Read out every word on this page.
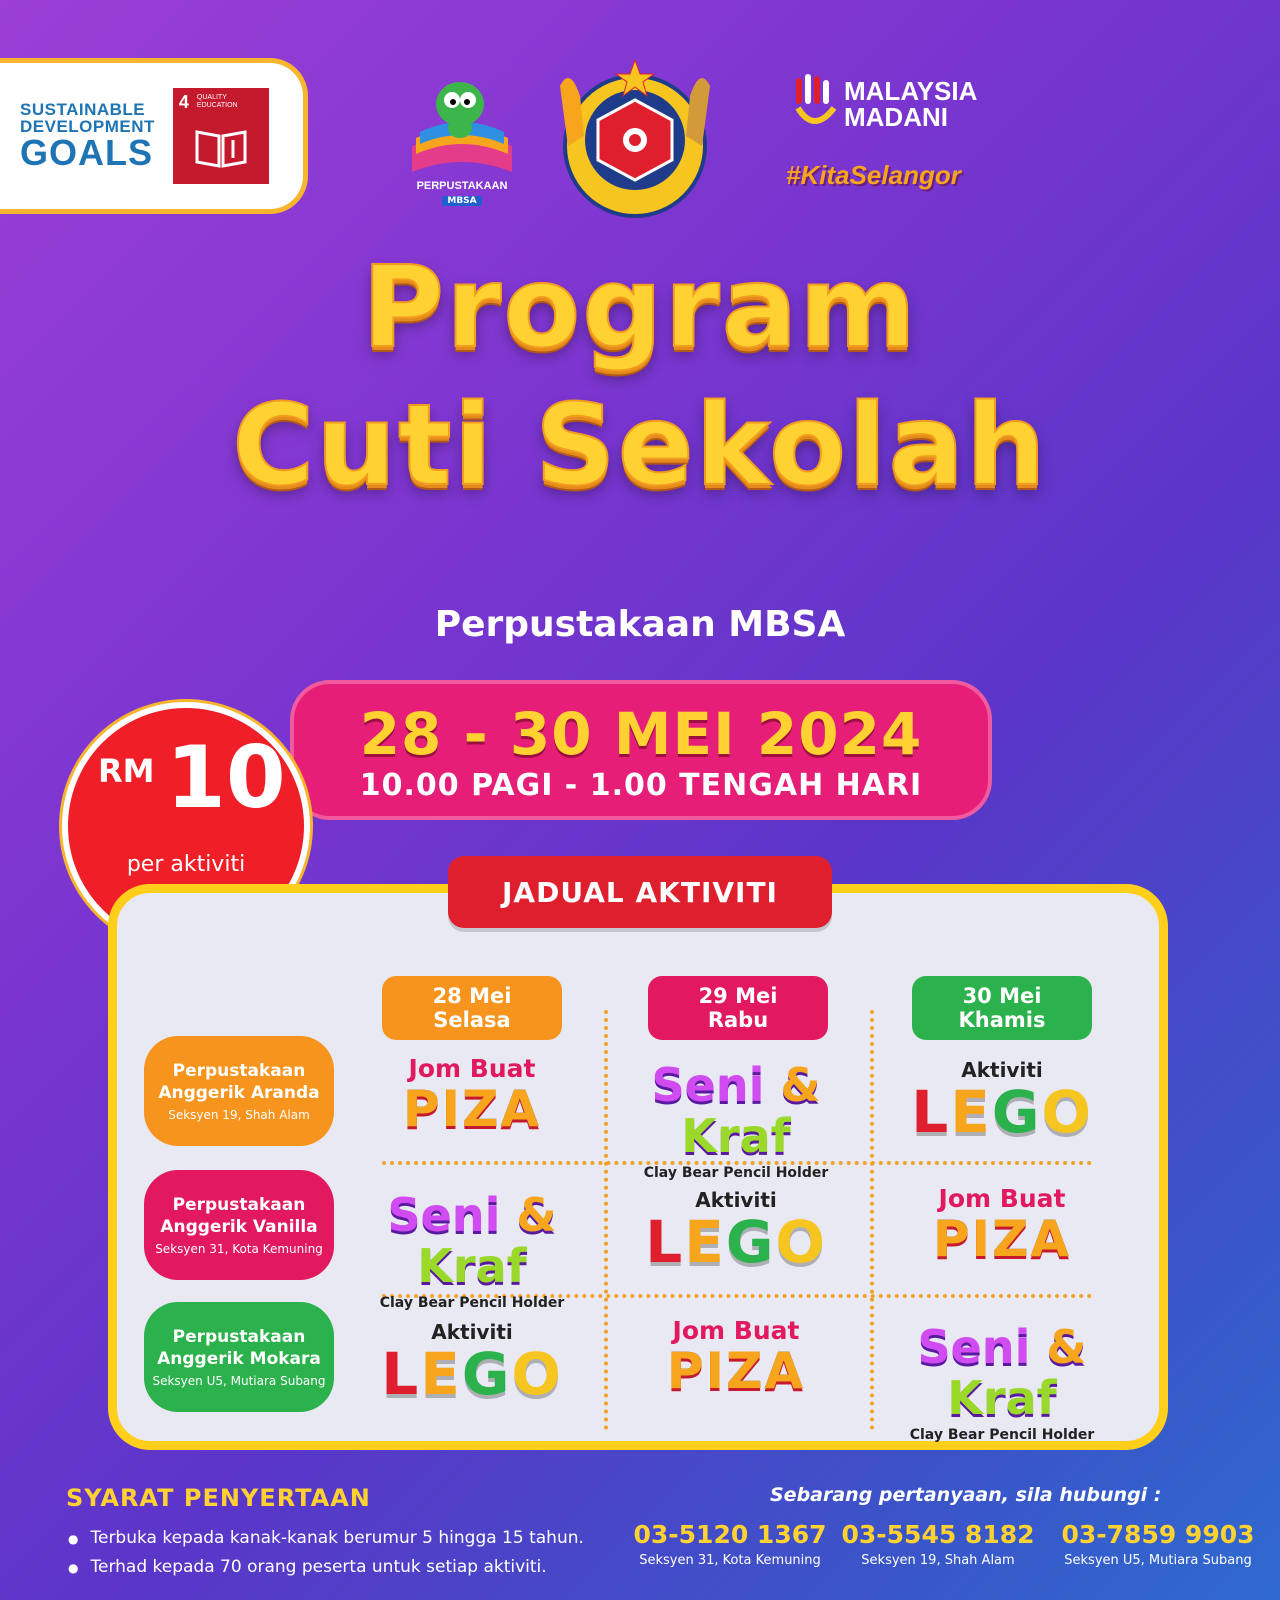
SUSTAINABLE
DEVELOPMENT
GOALS
4 QUALITY
EDUCATION
PERPUSTAKAAN
MBSA
MALAYSIA
MADANI
#KitaSelangor
Program
Cuti Sekolah
Perpustakaan MBSA
28 - 30 MEI 2024
10.00 PAGI - 1.00 TENGAH HARI
RM 10
per aktiviti
JADUAL AKTIVITI
28 Mei
Selasa
29 Mei
Rabu
30 Mei
Khamis
Perpustakaan
Anggerik Aranda
Seksyen 19, Shah Alam
Perpustakaan
Anggerik Vanilla
Seksyen 31, Kota Kemuning
Perpustakaan
Anggerik Mokara
Seksyen U5, Mutiara Subang
Jom Buat
PIZA	Seni & Kraf
Clay Bear Pencil Holder
Aktiviti
LEGO
Seni & Kraf
Clay Bear Pencil Holder
Aktiviti
LEGO
Jom Buat
PIZA
Aktiviti
LEGO
Jom Buat
PIZA	Seni & Kraf
Clay Bear Pencil Holder
SYARAT PENYERTAAN
● Terbuka kepada kanak-kanak berumur 5 hingga 15 tahun.
● Terhad kepada 70 orang peserta untuk setiap aktiviti.
Sebarang pertanyaan, sila hubungi :
03-5120 1367
Seksyen 31, Kota Kemuning
03-5545 8182
Seksyen 19, Shah Alam
03-7859 9903
Seksyen U5, Mutiara Subang
